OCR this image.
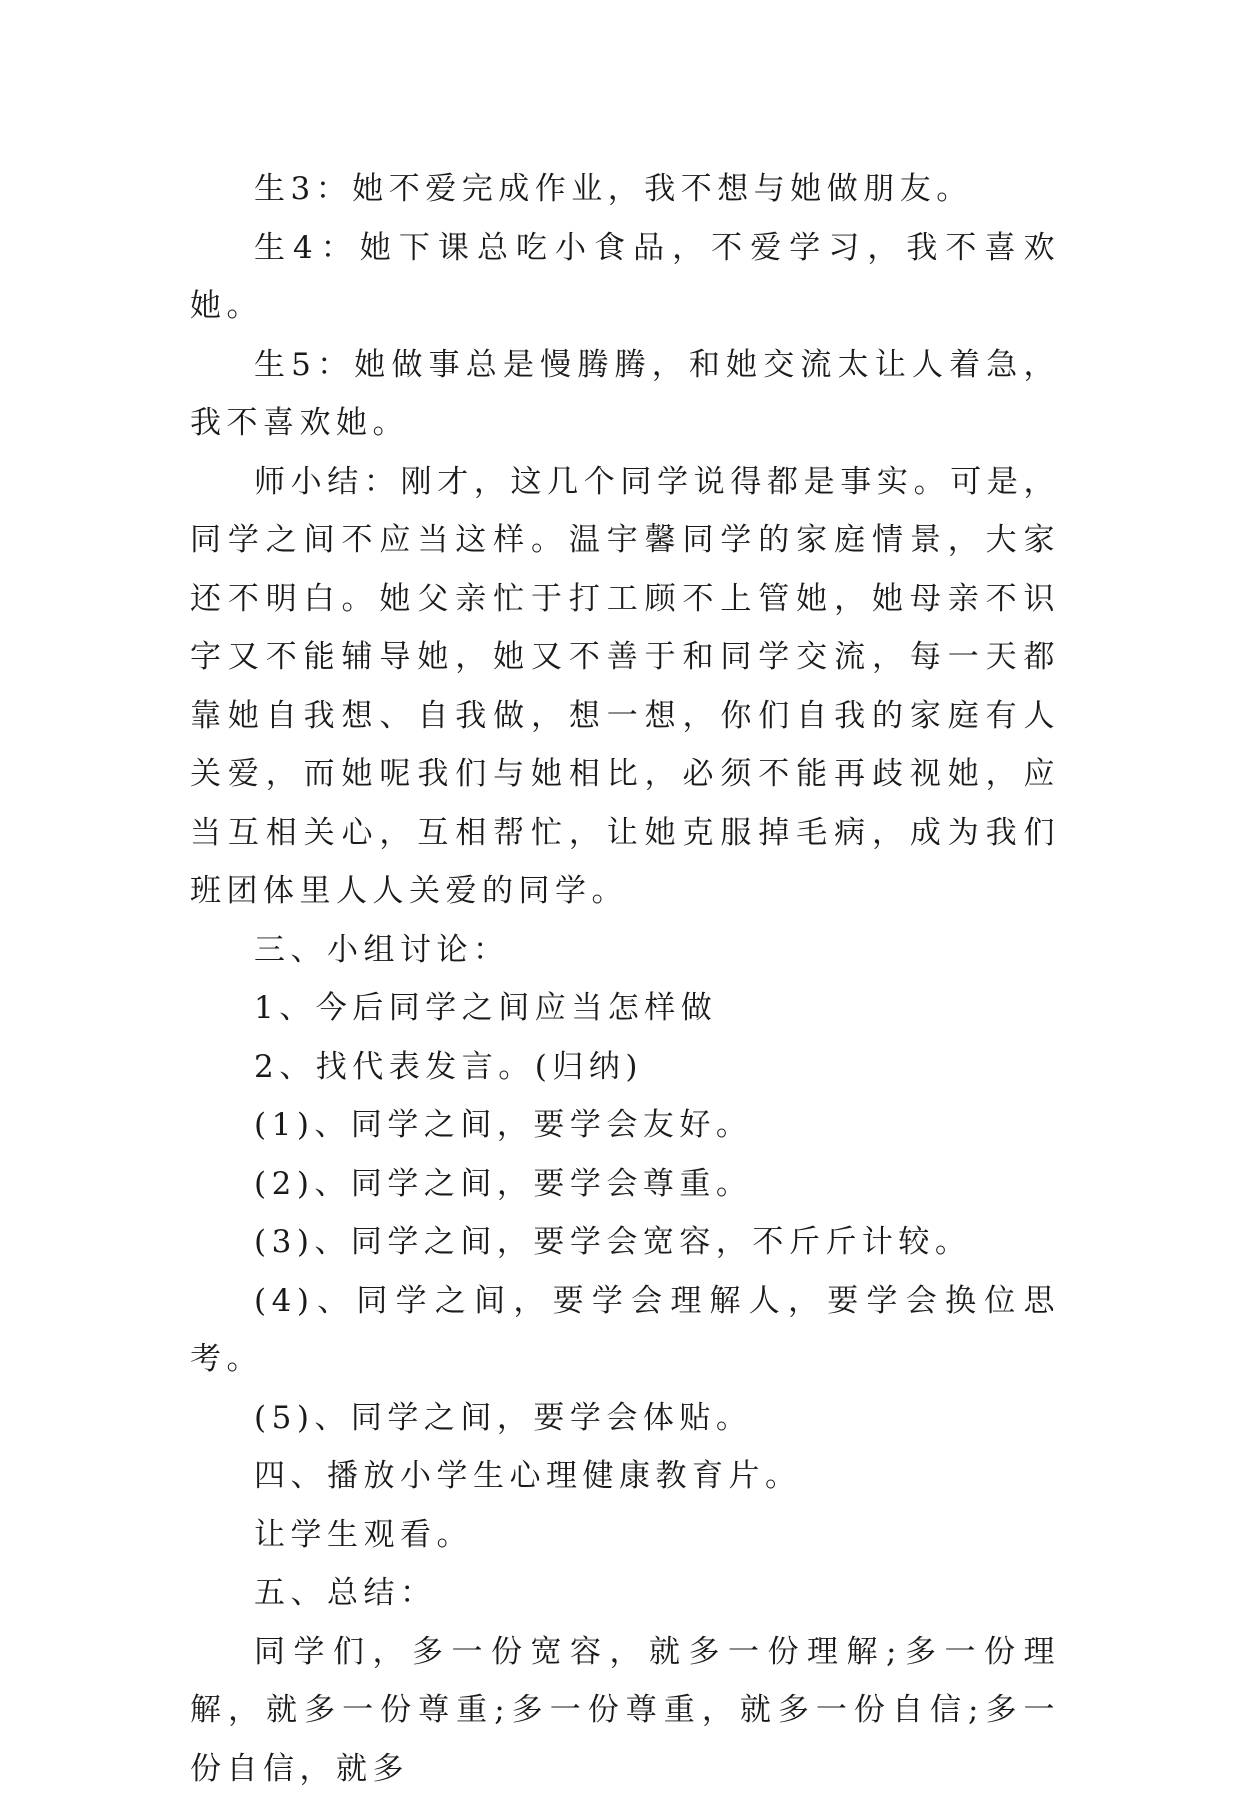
生3：她不爱完成作业，我不想与她做朋友。

生4：她下课总吃小食品，不爱学习，我不喜欢她。

生5：她做事总是慢腾腾，和她交流太让人着急，我不喜欢她。

师小结：刚才，这几个同学说得都是事实。可是，同学之间不应当这样。温宇馨同学的家庭情景，大家还不明白。她父亲忙于打工顾不上管她，她母亲不识字又不能辅导她，她又不善于和同学交流，每一天都靠她自我想、自我做，想一想，你们自我的家庭有人关爱，而她呢我们与她相比，必须不能再歧视她，应当互相关心，互相帮忙，让她克服掉毛病，成为我们班团体里人人关爱的同学。

三、小组讨论：

1、今后同学之间应当怎样做

2、找代表发言。(归纳)

(1)、同学之间，要学会友好。

(2)、同学之间，要学会尊重。

(3)、同学之间，要学会宽容，不斤斤计较。

(4)、同学之间，要学会理解人，要学会换位思考。

(5)、同学之间，要学会体贴。

四、播放小学生心理健康教育片。

让学生观看。

五、总结：

同学们，多一份宽容，就多一份理解;多一份理解，就多一份尊重;多一份尊重，就多一份自信;多一份自信，就多
